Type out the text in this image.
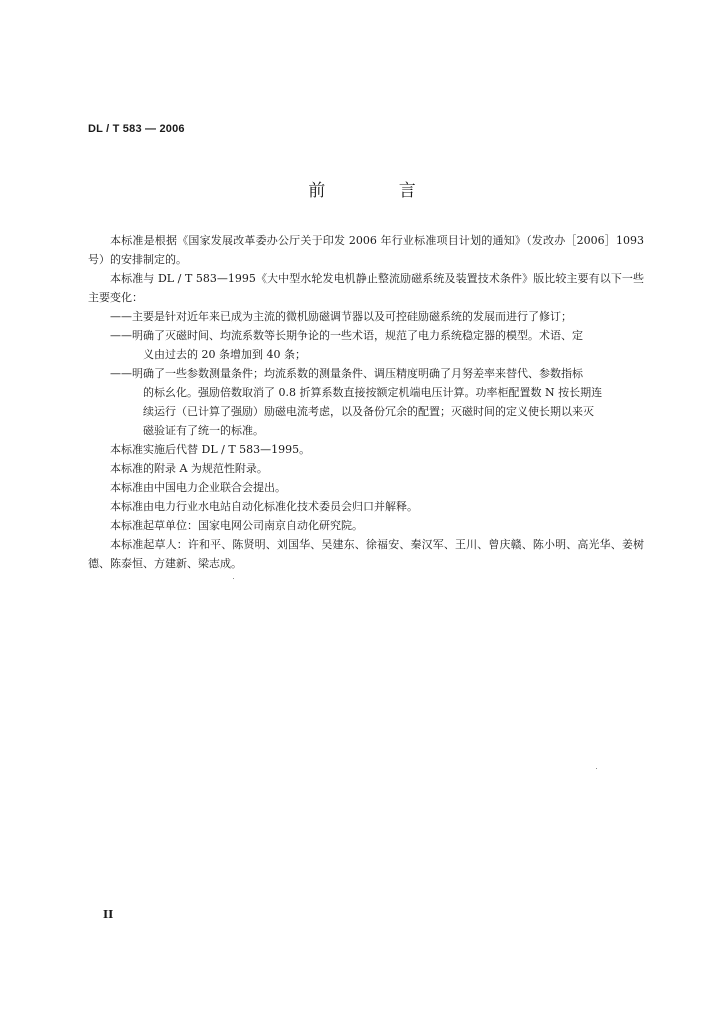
DL / T 583 — 2006
前 言

本标准是根据《国家发展改革委办公厅关于印发 2006 年行业标准项目计划的通知》（发改办［2006］1093 号）的安排制定的。

本标准与 DL / T 583—1995《大中型水轮发电机静止整流励磁系统及装置技术条件》版比较主要有以下一些主要变化：

——主要是针对近年来已成为主流的微机励磁调节器以及可控硅励磁系统的发展而进行了修订；

——明确了灭磁时间、均流系数等长期争论的一些术语，规范了电力系统稳定器的模型。术语、定
义由过去的 20 条增加到 40 条；

——明确了一些参数测量条件；均流系数的测量条件、调压精度明确了月努差率来替代、参数指标
的标幺化。强励倍数取消了 0.8 折算系数直接按额定机端电压计算。功率柜配置数 N 按长期连
续运行（已计算了强励）励磁电流考虑，以及备份冗余的配置；灭磁时间的定义使长期以来灭
磁验证有了统一的标准。

本标准实施后代替 DL / T 583—1995。

本标准的附录 A 为规范性附录。

本标准由中国电力企业联合会提出。

本标准由电力行业水电站自动化标准化技术委员会归口并解释。

本标准起草单位：国家电网公司南京自动化研究院。

本标准起草人：许和平、陈贤明、刘国华、吴建东、徐福安、秦汉军、王川、曾庆赣、陈小明、高光华、姜树德、陈泰恒、方建新、梁志成。

II
